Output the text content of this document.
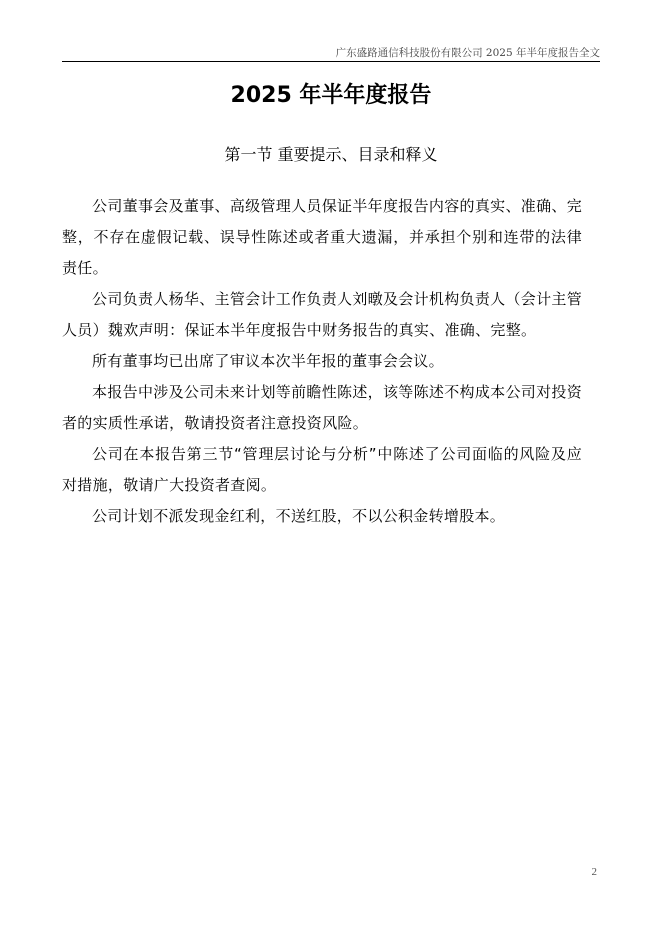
广东盛路通信科技股份有限公司 2025 年半年度报告全文
2025 年半年度报告
第一节 重要提示、目录和释义

公司董事会及董事、高级管理人员保证半年度报告内容的真实、准确、完整，不存在虚假记载、误导性陈述或者重大遗漏，并承担个别和连带的法律责任。

公司负责人杨华、主管会计工作负责人刘暾及会计机构负责人（会计主管人员）魏欢声明：保证本半年度报告中财务报告的真实、准确、完整。

所有董事均已出席了审议本次半年报的董事会会议。

本报告中涉及公司未来计划等前瞻性陈述，该等陈述不构成本公司对投资者的实质性承诺，敬请投资者注意投资风险。

公司在本报告第三节“管理层讨论与分析”中陈述了公司面临的风险及应对措施，敬请广大投资者查阅。

公司计划不派发现金红利，不送红股，不以公积金转增股本。

2
